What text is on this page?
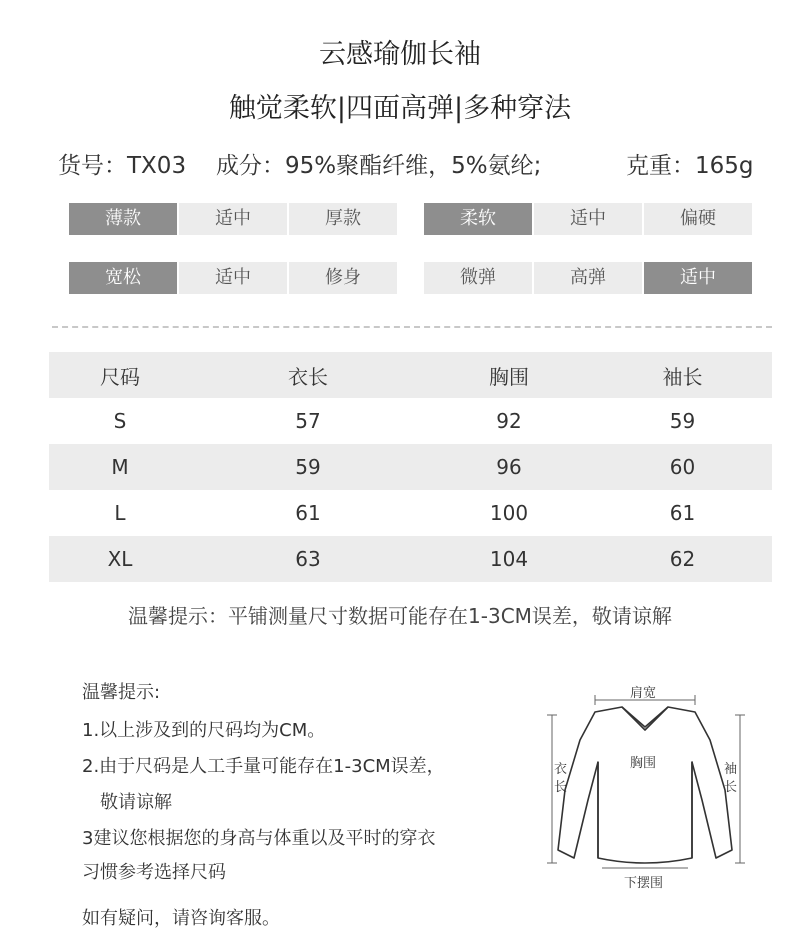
云感瑜伽长袖
触觉柔软|四面高弹|多种穿法
货号：TX03 成分：95%聚酯纤维，5%氨纶;	克重：165g
薄款	适中	厚款	柔软	适中	偏硬
宽松	适中	修身	微弹	高弹	适中
尺码	衣长	胸围	袖长
S	57	92	59
M	59	96	60
L	61	100	61
XL	63	104	62
温馨提示：平铺测量尺寸数据可能存在1-3CM误差，敬请谅解
温馨提示:
1.以上涉及到的尺码均为CM。
2.由于尺码是人工手量可能存在1-3CM误差，
敬请谅解
3建议您根据您的身高与体重以及平时的穿衣
习惯参考选择尺码
如有疑问，请咨询客服。
肩宽
胸围
衣
长
袖
长
下摆围
